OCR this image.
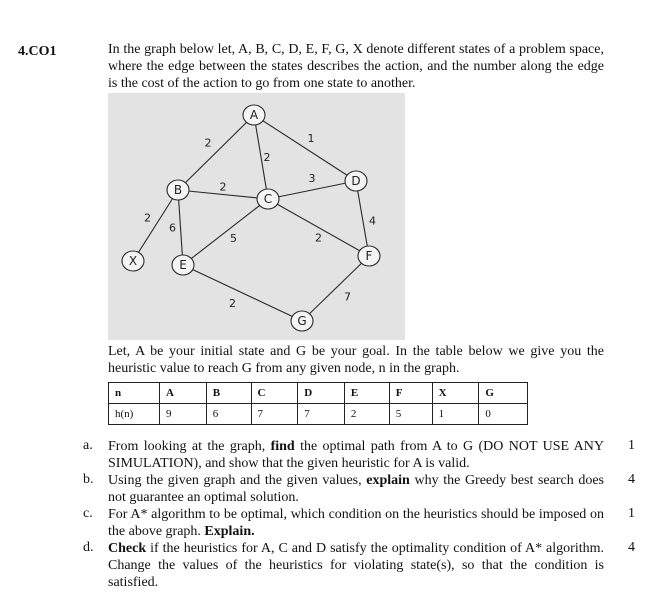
4.CO1	In the graph below let, A, B, C, D, E, F, G, X denote different states of a problem space, where the edge between the states describes the action, and the number along the edge is the cost of the action to go from one state to another.
2
2
1
2
2
6
3
2
5
4
2	7
A
B
C
D
E
F
G
X
Let, A be your initial state and G be your goal. In the table below we give you the heuristic value to reach G from any given node, n in the graph.
n	A	B	C	D	E	F	X	G
h(n)	9	6	7	7	2	5	1	0
a. From looking at the graph, find the optimal path from A to G (DO NOT USE ANY SIMULATION), and show that the given heuristic for A is valid.
1
b. Using the given graph and the given values, explain why the Greedy best search does not guarantee an optimal solution.
4
c. For A* algorithm to be optimal, which condition on the heuristics should be imposed on the above graph. Explain.
1
d. Check if the heuristics for A, C and D satisfy the optimality condition of A* algorithm. Change the values of the heuristics for violating state(s), so that the condition is satisfied.
4
